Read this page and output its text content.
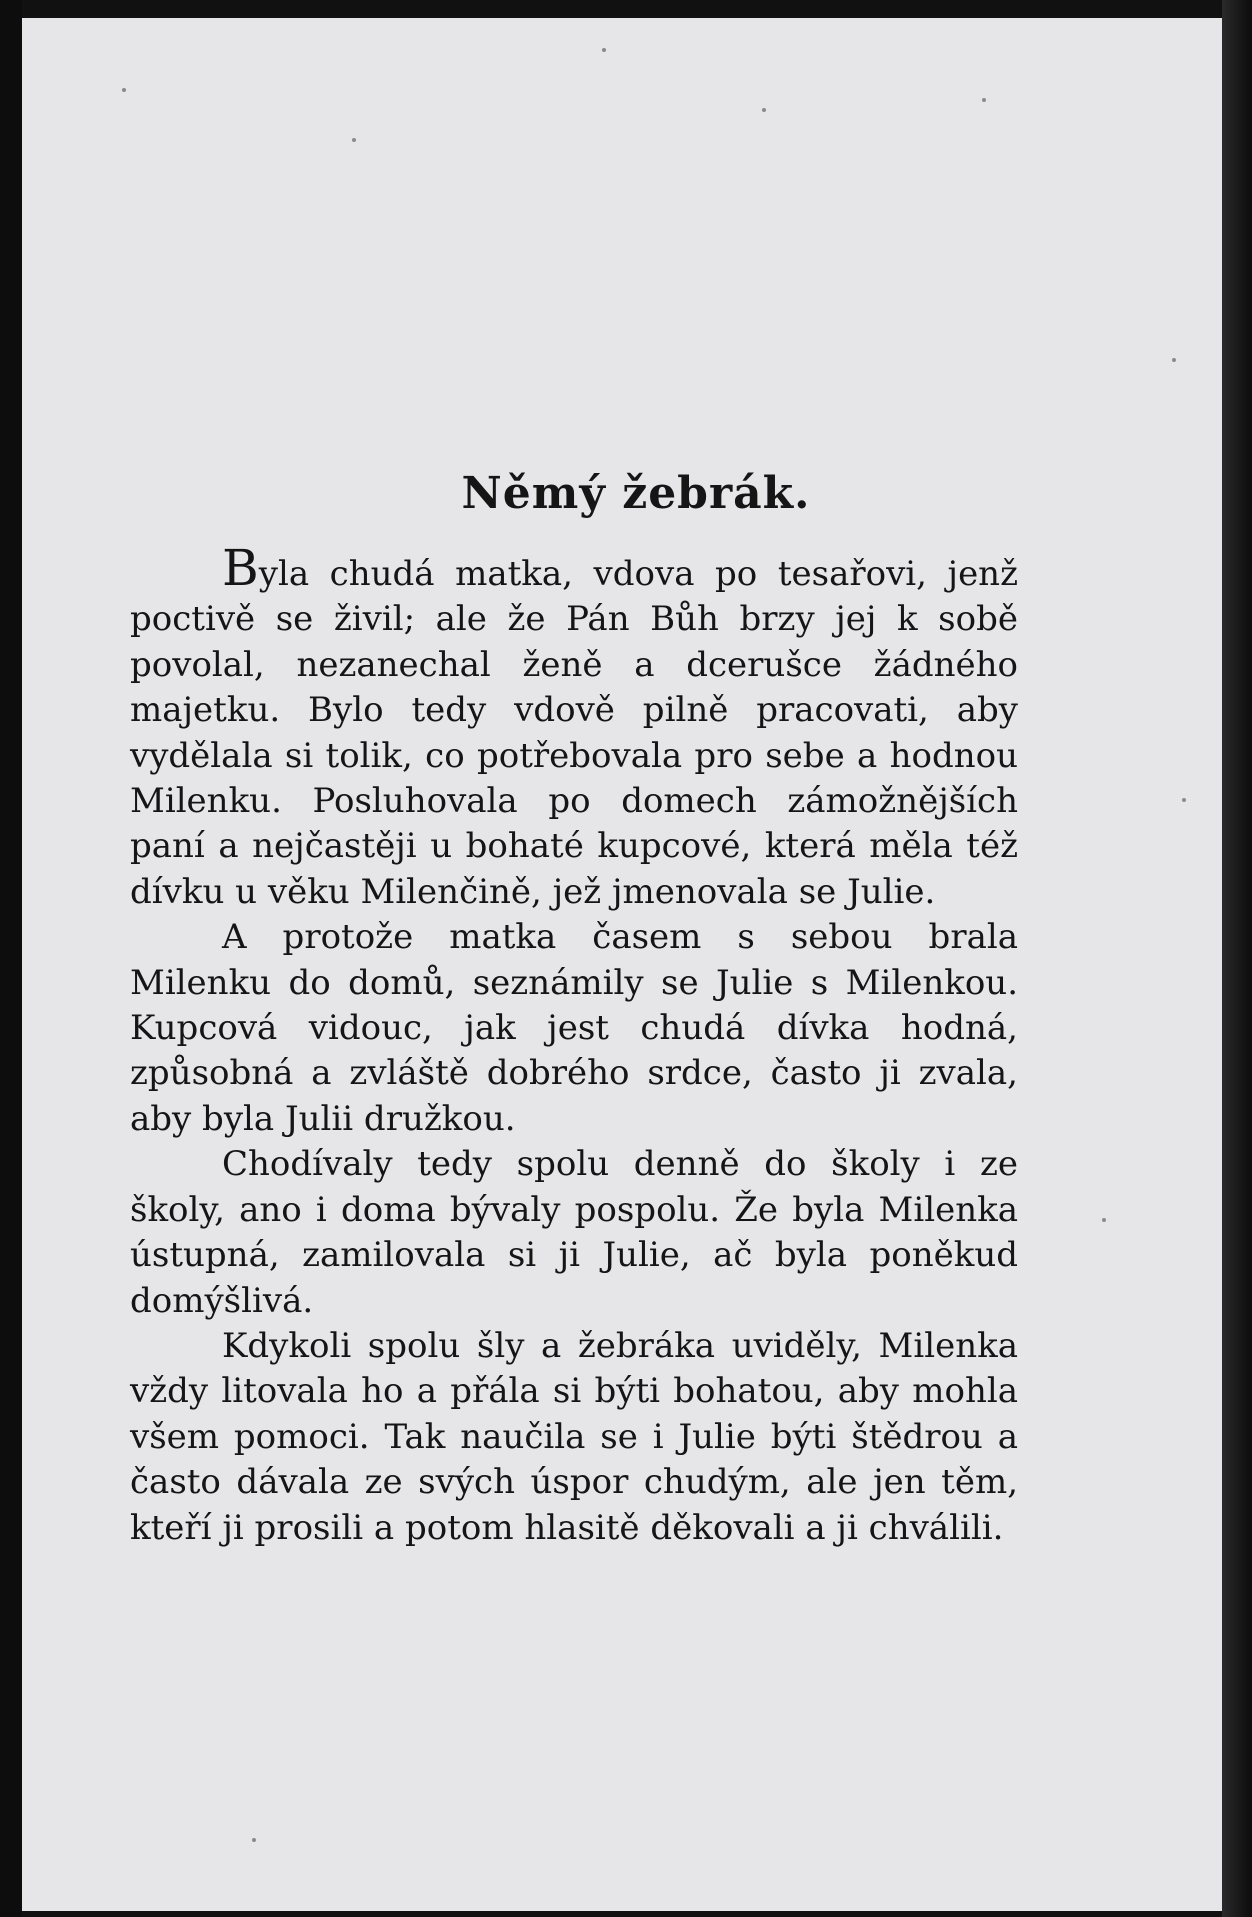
Němý žebrák.

Byla chudá matka, vdova po tesařovi, jenž poctivě se živil; ale že Pán Bůh brzy jej k sobě povolal, nezanechal ženě a dcerušce žádného majetku. Bylo tedy vdově pilně pracovati, aby vydělala si tolik, co potřebovala pro sebe a hodnou Milenku. Posluhovala po domech zámožnějších paní a nejčastěji u bohaté kupcové, která měla též dívku u věku Milenčině, jež jmenovala se Julie.

A protože matka časem s sebou brala Milenku do domů, seznámily se Julie s Milenkou. Kupcová vidouc, jak jest chudá dívka hodná, způsobná a zvláště dobrého srdce, často ji zvala, aby byla Julii družkou.

Chodívaly tedy spolu denně do školy i ze školy, ano i doma bývaly pospolu. Že byla Milenka ústupná, zamilovala si ji Julie, ač byla poněkud domýšlivá.

Kdykoli spolu šly a žebráka uviděly, Milenka vždy litovala ho a přála si býti bohatou, aby mohla všem pomoci. Tak naučila se i Julie býti štědrou a často dávala ze svých úspor chudým, ale jen těm, kteří ji prosili a potom hlasitě děkovali a ji chválili.
